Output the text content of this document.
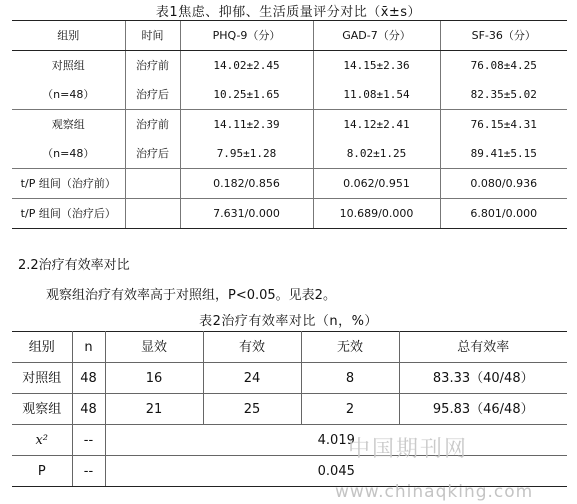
表1焦虑、抑郁、生活质量评分对比（x̄±s）
组别	时间	PHQ-9（分）	GAD-7（分）	SF-36（分）
对照组	治疗前	14.02±2.45	14.15±2.36	76.08±4.25
（n=48）	治疗后	10.25±1.65	11.08±1.54	82.35±5.02
观察组	治疗前	14.11±2.39	14.12±2.41	76.15±4.31
（n=48）	治疗后	7.95±1.28	8.02±1.25	89.41±5.15
t/P 组间（治疗前）		0.182/0.856	0.062/0.951	0.080/0.936
t/P 组间（治疗后）		7.631/0.000	10.689/0.000	6.801/0.000
2.2治疗有效率对比
观察组治疗有效率高于对照组，P<0.05。见表2。
表2治疗有效率对比（n，%）
组别	n	显效	有效	无效	总有效率
对照组	48	16	24	8	83.33（40/48）
观察组	48	21	25	2	95.83（46/48）
x²	--	4.019			
P	--	0.045			
中国期刊网
www.chinaqking.com
